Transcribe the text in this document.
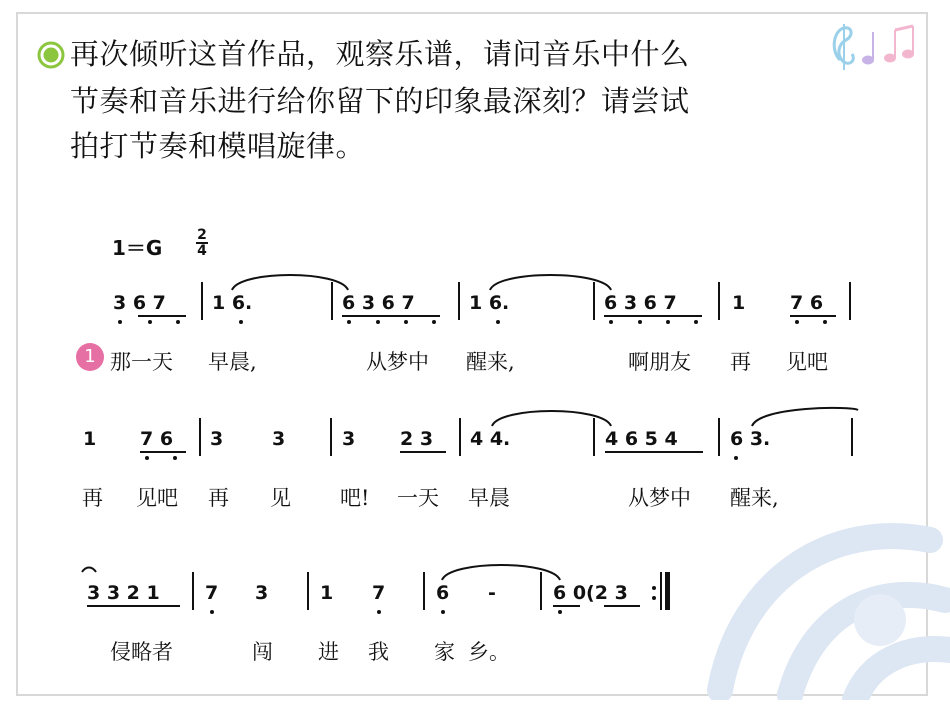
再次倾听这首作品，观察乐谱，请问音乐中什么
节奏和音乐进行给你留下的印象最深刻？请尝试
拍打节奏和模唱旋律。
1＝G
2
4
3 6 7 1 6.	6 3 6 7	1 6.	6 3 6 7	1 7 6
1 那一天 早晨,	从梦中 醒来,	啊朋友 再 见吧
1 7 6 3	3	3 2 3 4 4.	4 6 5 4	6 3.
再 见吧 再 见 吧! 一天 早晨	从梦中 醒来,
3 3 2 1 7 3	1 7	6 -	6 0(2 3
侵略者	闯 进 我 家 乡。
